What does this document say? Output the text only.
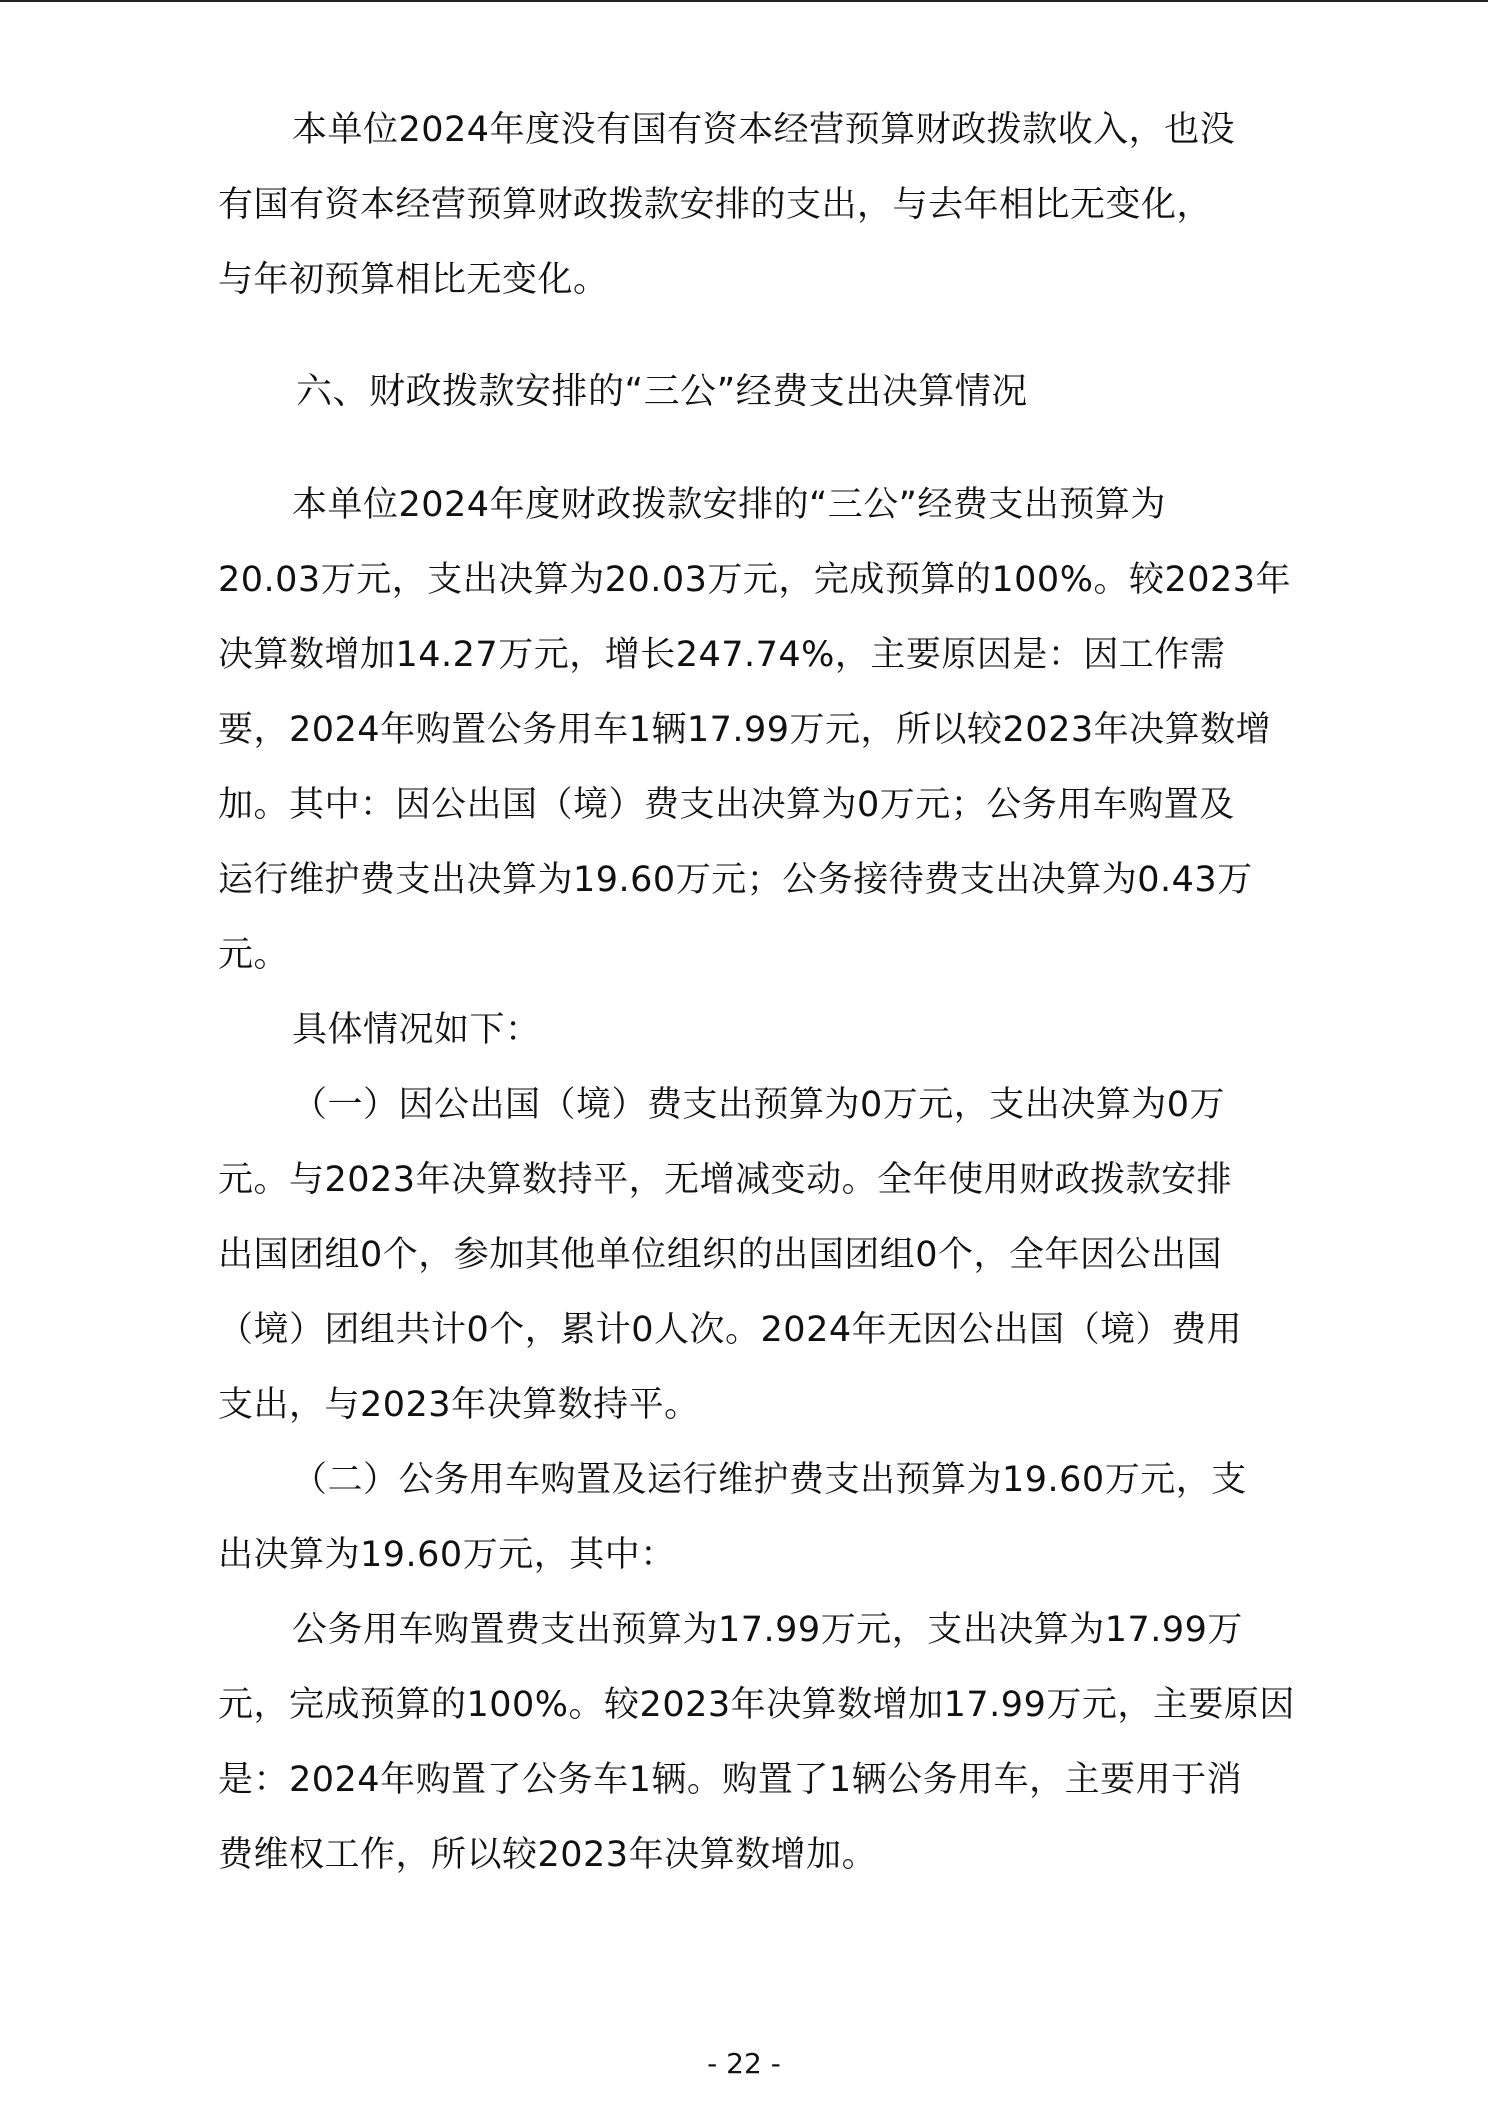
本单位2024年度没有国有资本经营预算财政拨款收入，也没
有国有资本经营预算财政拨款安排的支出，与去年相比无变化，
与年初预算相比无变化。
六、财政拨款安排的“三公”经费支出决算情况
本单位2024年度财政拨款安排的“三公”经费支出预算为
20.03万元，支出决算为20.03万元，完成预算的100%。较2023年
决算数增加14.27万元，增长247.74%，主要原因是：因工作需
要，2024年购置公务用车1辆17.99万元，所以较2023年决算数增
加。其中：因公出国（境）费支出决算为0万元；公务用车购置及
运行维护费支出决算为19.60万元；公务接待费支出决算为0.43万
元。
具体情况如下：
（一）因公出国（境）费支出预算为0万元，支出决算为0万
元。与2023年决算数持平，无增减变动。全年使用财政拨款安排
出国团组0个，参加其他单位组织的出国团组0个，全年因公出国
（境）团组共计0个，累计0人次。2024年无因公出国（境）费用
支出，与2023年决算数持平。
（二）公务用车购置及运行维护费支出预算为19.60万元，支
出决算为19.60万元，其中：
公务用车购置费支出预算为17.99万元，支出决算为17.99万
元，完成预算的100%。较2023年决算数增加17.99万元，主要原因
是：2024年购置了公务车1辆。购置了1辆公务用车，主要用于消
费维权工作，所以较2023年决算数增加。
- 22 -
